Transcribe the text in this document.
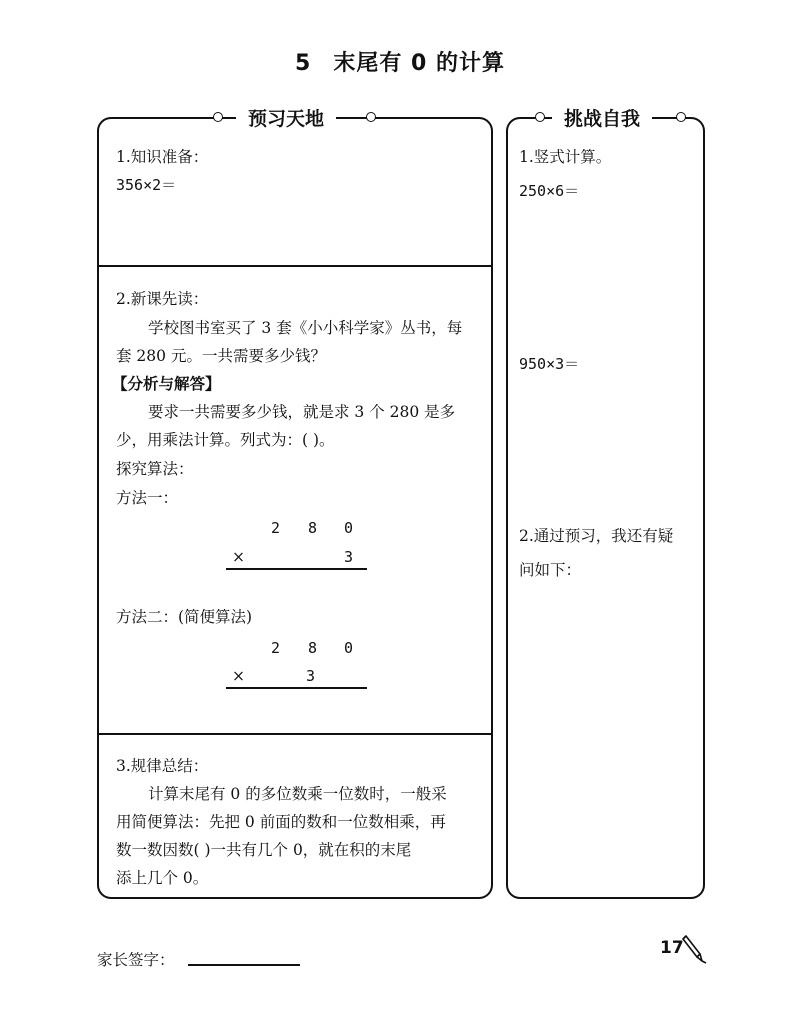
5 末尾有 0 的计算
预习天地	挑战自我
1.知识准备：
356×2＝
2.新课先读：
学校图书室买了 3 套《小小科学家》丛书，每
套 280 元。一共需要多少钱？
【分析与解答】
要求一共需要多少钱，就是求 3 个 280 是多
少，用乘法计算。列式为：( )。
探究算法：
方法一：
2 8 0
×	3
方法二：(简便算法)
2 8 0
×	3
3.规律总结：
计算末尾有 0 的多位数乘一位数时，一般采
用简便算法：先把 0 前面的数和一位数相乘，再
数一数因数( )一共有几个 0，就在积的末尾
添上几个 0。
1.竖式计算。
250×6＝
950×3＝
2.通过预习，我还有疑
问如下：
家长签字：
17
